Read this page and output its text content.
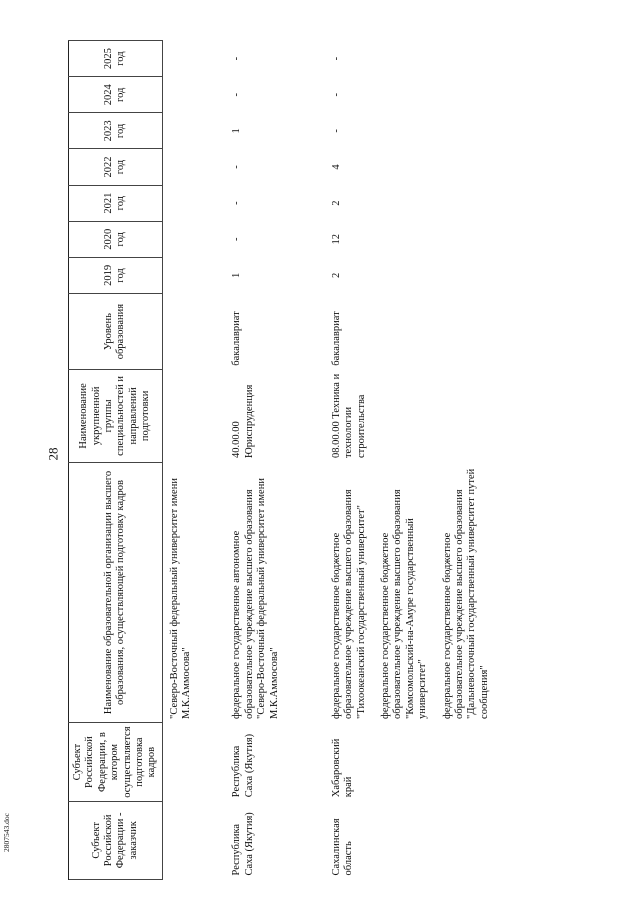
28
Субъект Российской Федерации - заказчик	Субъект Российской Федерации, в котором осуществляется подготовка кадров	Наименование образовательной организации высшего образования, осуществляющей подготовку кадров	Наименование укрупненной группы специальностей и направлений подготовки	Уровень образования	2019 год	2020 год	2021 год	2022 год	2023 год	2024 год	2025 год
		"Северо-Восточный федеральный университет имени М.К.Аммосова"									

Республика Саха (Якутия)	Республика Саха (Якутия)	федеральное государственное автономное образовательное учреждение высшего образования "Северо-Восточный федеральный университет имени М.К.Аммосова"	40.00.00 Юриспруденция	бакалавриат	1	-	-	-	1	-	-

Сахалинская область	Хабаровский край	федеральное государственное бюджетное образовательное учреждение высшего образования "Тихоокеанский государственный университет" федеральное государственное бюджетное образовательное учреждение высшего образования "Комсомольский-на-Амуре государственный университет" федеральное государственное бюджетное образовательное учреждение высшего образования "Дальневосточный государственный университет путей сообщения"	08.00.00 Техника и технологии строительства	бакалавриат	2	12	2	4	-	-	-
2807543.doc
